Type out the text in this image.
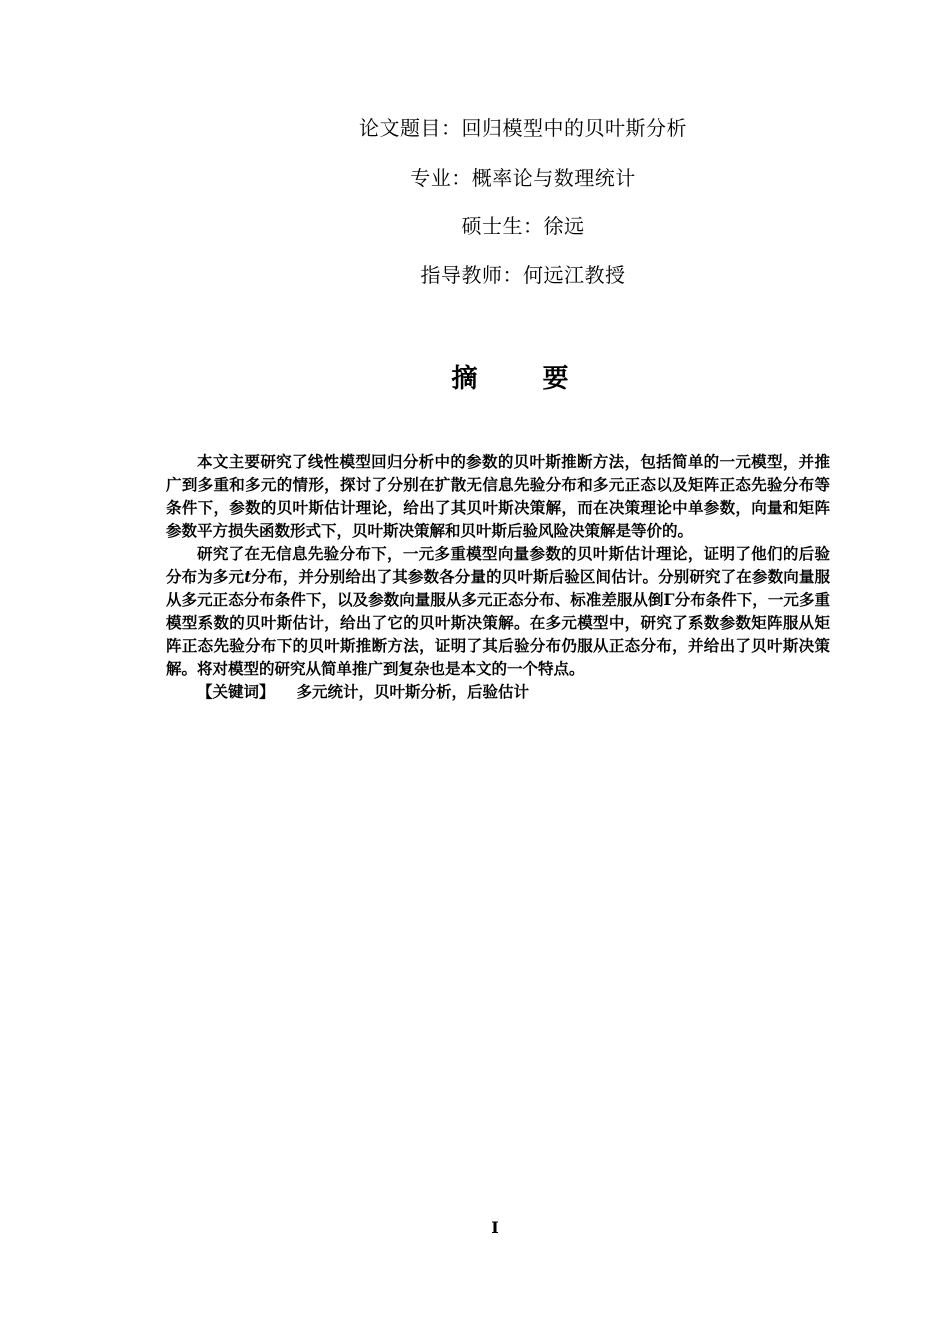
论文题目：回归模型中的贝叶斯分析
专业：概率论与数理统计
硕士生：徐远
指导教师：何远江教授
摘 要

本文主要研究了线性模型回归分析中的参数的贝叶斯推断方法，包括简单的一元模型，并推广到多重和多元的情形，探讨了分别在扩散无信息先验分布和多元正态以及矩阵正态先验分布等条件下，参数的贝叶斯估计理论，给出了其贝叶斯决策解，而在决策理论中单参数，向量和矩阵参数平方损失函数形式下，贝叶斯决策解和贝叶斯后验风险决策解是等价的。

研究了在无信息先验分布下，一元多重模型向量参数的贝叶斯估计理论，证明了他们的后验分布为多元t分布，并分别给出了其参数各分量的贝叶斯后验区间估计。分别研究了在参数向量服从多元正态分布条件下，以及参数向量服从多元正态分布、标准差服从倒Γ分布条件下，一元多重模型系数的贝叶斯估计，给出了它的贝叶斯决策解。在多元模型中，研究了系数参数矩阵服从矩阵正态先验分布下的贝叶斯推断方法，证明了其后验分布仍服从正态分布，并给出了贝叶斯决策解。将对模型的研究从简单推广到复杂也是本文的一个特点。

【关键词】 多元统计，贝叶斯分析，后验估计

I
